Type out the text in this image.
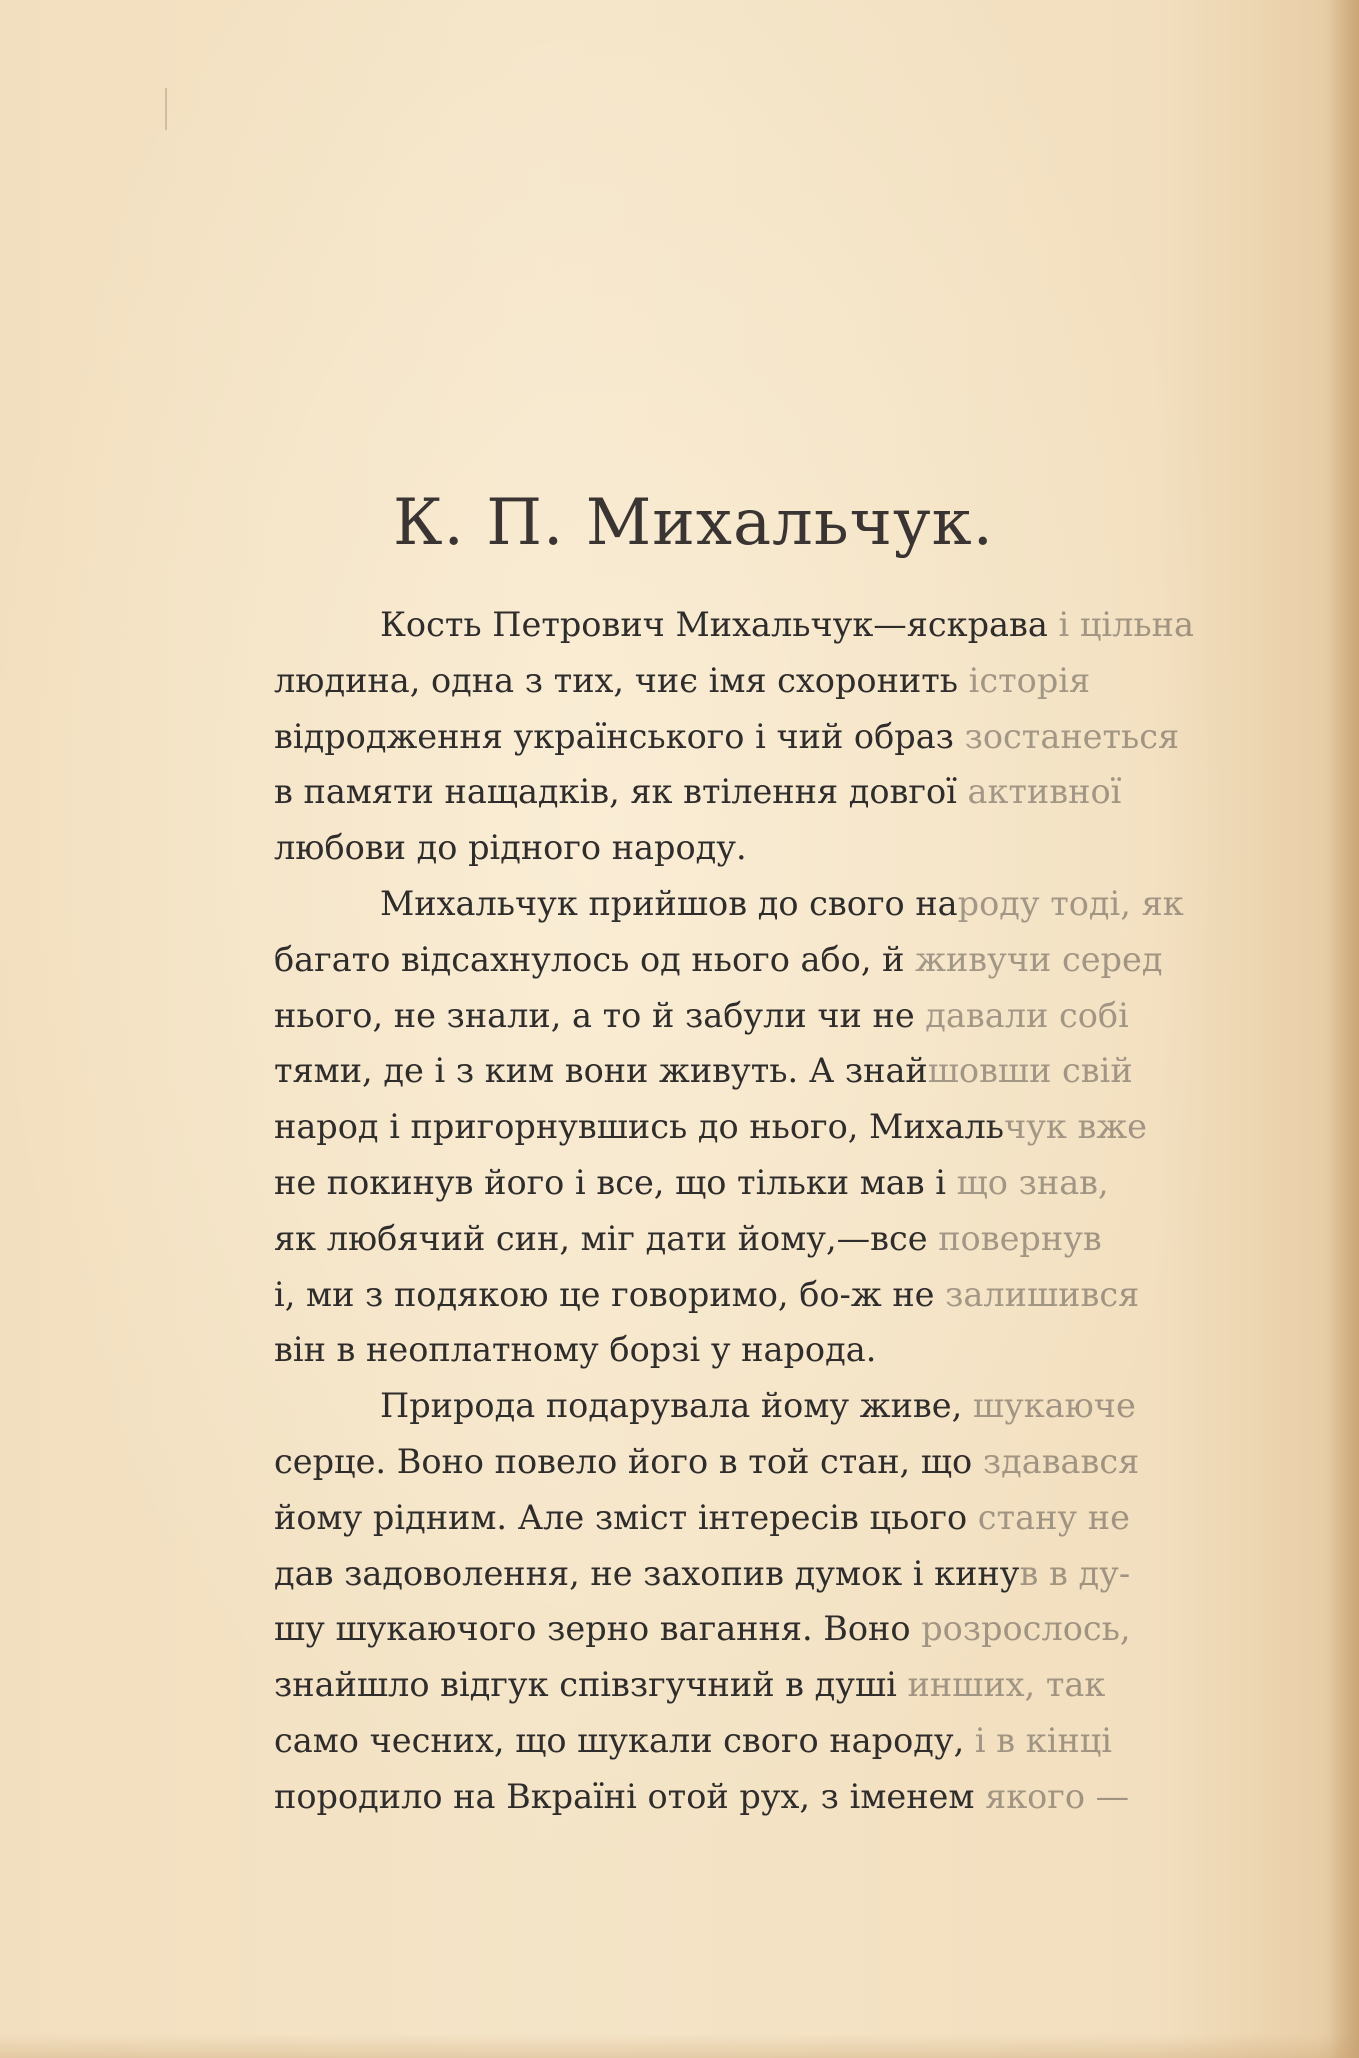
К. П. Михальчук.
Кость Петрович Михальчук—яскрава і цільна
людина, одна з тих, чиє імя схоронить історія
відродження українського і чий образ зостанеться
в памяти нащадків, як втілення довгої активної
любови до рідного народу.
Михальчук прийшов до свого народу тоді, як
багато відсахнулось од нього або, й живучи серед
нього, не знали, а то й забули чи не давали собі
тями, де і з ким вони живуть. А знайшовши свій
народ і пригорнувшись до нього, Михальчук вже
не покинув його і все, що тільки мав і що знав,
як любячий син, міг дати йому,—все повернув
і, ми з подякою це говоримо, бо-ж не залишився
він в неоплатному борзі у народа.
Природа подарувала йому живе, шукаюче
серце. Воно повело його в той стан, що здавався
йому рідним. Але зміст інтересів цього стану не
дав задоволення, не захопив думок і кинув в ду-
шу шукаючого зерно вагання. Воно розрослось,
знайшло відгук співзгучний в душі инших, так
само чесних, що шукали свого народу, і в кінці
породило на Вкраїні отой рух, з іменем якого —
